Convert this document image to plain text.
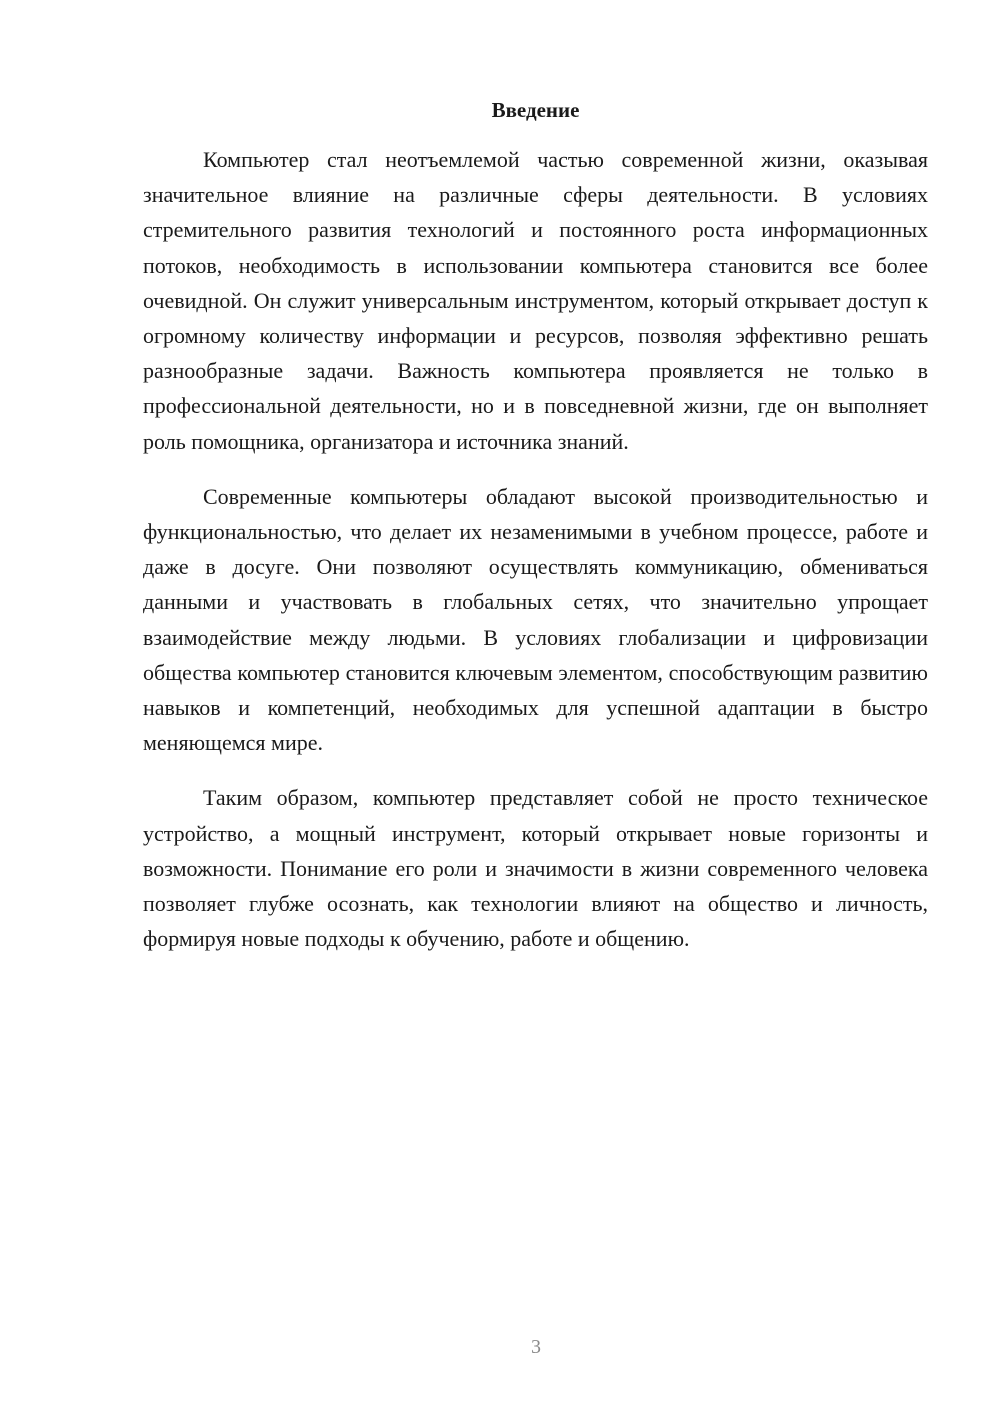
Введение

Компьютер стал неотъемлемой частью современной жизни, оказывая значительное влияние на различные сферы деятельности. В условиях стремительного развития технологий и постоянного роста информационных потоков, необходимость в использовании компьютера становится все более очевидной. Он служит универсальным инструментом, который открывает доступ к огромному количеству информации и ресурсов, позволяя эффективно решать разнообразные задачи. Важность компьютера проявляется не только в профессиональной деятельности, но и в повседневной жизни, где он выполняет роль помощника, организатора и источника знаний.

Современные компьютеры обладают высокой производительностью и функциональностью, что делает их незаменимыми в учебном процессе, работе и даже в досуге. Они позволяют осуществлять коммуникацию, обмениваться данными и участвовать в глобальных сетях, что значительно упрощает взаимодействие между людьми. В условиях глобализации и цифровизации общества компьютер становится ключевым элементом, способствующим развитию навыков и компетенций, необходимых для успешной адаптации в быстро меняющемся мире.

Таким образом, компьютер представляет собой не просто техническое устройство, а мощный инструмент, который открывает новые горизонты и возможности. Понимание его роли и значимости в жизни современного человека позволяет глубже осознать, как технологии влияют на общество и личность, формируя новые подходы к обучению, работе и общению.

3
